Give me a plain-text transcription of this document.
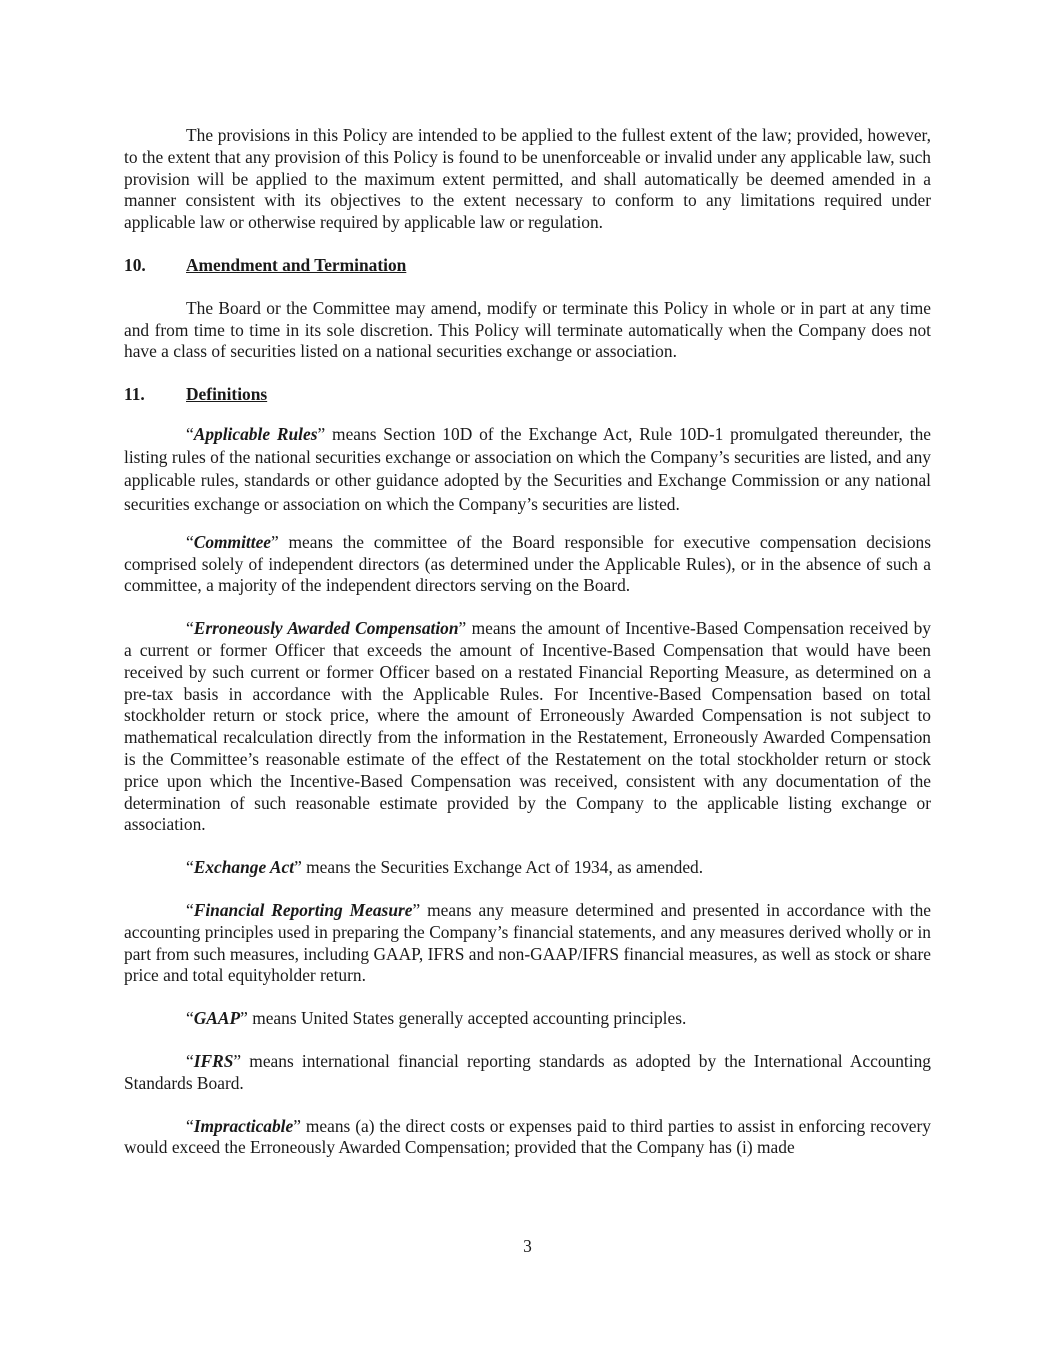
The provisions in this Policy are intended to be applied to the fullest extent of the law; provided, however, to the extent that any provision of this Policy is found to be unenforceable or invalid under any applicable law, such provision will be applied to the maximum extent permitted, and shall automatically be deemed amended in a manner consistent with its objectives to the extent necessary to conform to any limitations required under applicable law or otherwise required by applicable law or regulation.

10.	Amendment and Termination

The Board or the Committee may amend, modify or terminate this Policy in whole or in part at any time and from time to time in its sole discretion. This Policy will terminate automatically when the Company does not have a class of securities listed on a national securities exchange or association.

11.	Definitions

“Applicable Rules” means Section 10D of the Exchange Act, Rule 10D-1 promulgated thereunder, the listing rules of the national securities exchange or association on which the Company’s securities are listed, and any applicable rules, standards or other guidance adopted by the Securities and Exchange Commission or any national securities exchange or association on which the Company’s securities are listed.

“Committee” means the committee of the Board responsible for executive compensation decisions comprised solely of independent directors (as determined under the Applicable Rules), or in the absence of such a committee, a majority of the independent directors serving on the Board.

“Erroneously Awarded Compensation” means the amount of Incentive-Based Compensation received by a current or former Officer that exceeds the amount of Incentive-Based Compensation that would have been received by such current or former Officer based on a restated Financial Reporting Measure, as determined on a pre-tax basis in accordance with the Applicable Rules. For Incentive-Based Compensation based on total stockholder return or stock price, where the amount of Erroneously Awarded Compensation is not subject to mathematical recalculation directly from the information in the Restatement, Erroneously Awarded Compensation is the Committee’s reasonable estimate of the effect of the Restatement on the total stockholder return or stock price upon which the Incentive-Based Compensation was received, consistent with any documentation of the determination of such reasonable estimate provided by the Company to the applicable listing exchange or association.

“Exchange Act” means the Securities Exchange Act of 1934, as amended.

“Financial Reporting Measure” means any measure determined and presented in accordance with the accounting principles used in preparing the Company’s financial statements, and any measures derived wholly or in part from such measures, including GAAP, IFRS and non-GAAP/IFRS financial measures, as well as stock or share price and total equityholder return.

“GAAP” means United States generally accepted accounting principles.

“IFRS” means international financial reporting standards as adopted by the International Accounting Standards Board.

“Impracticable” means (a) the direct costs or expenses paid to third parties to assist in enforcing recovery would exceed the Erroneously Awarded Compensation; provided that the Company has (i) made

3
